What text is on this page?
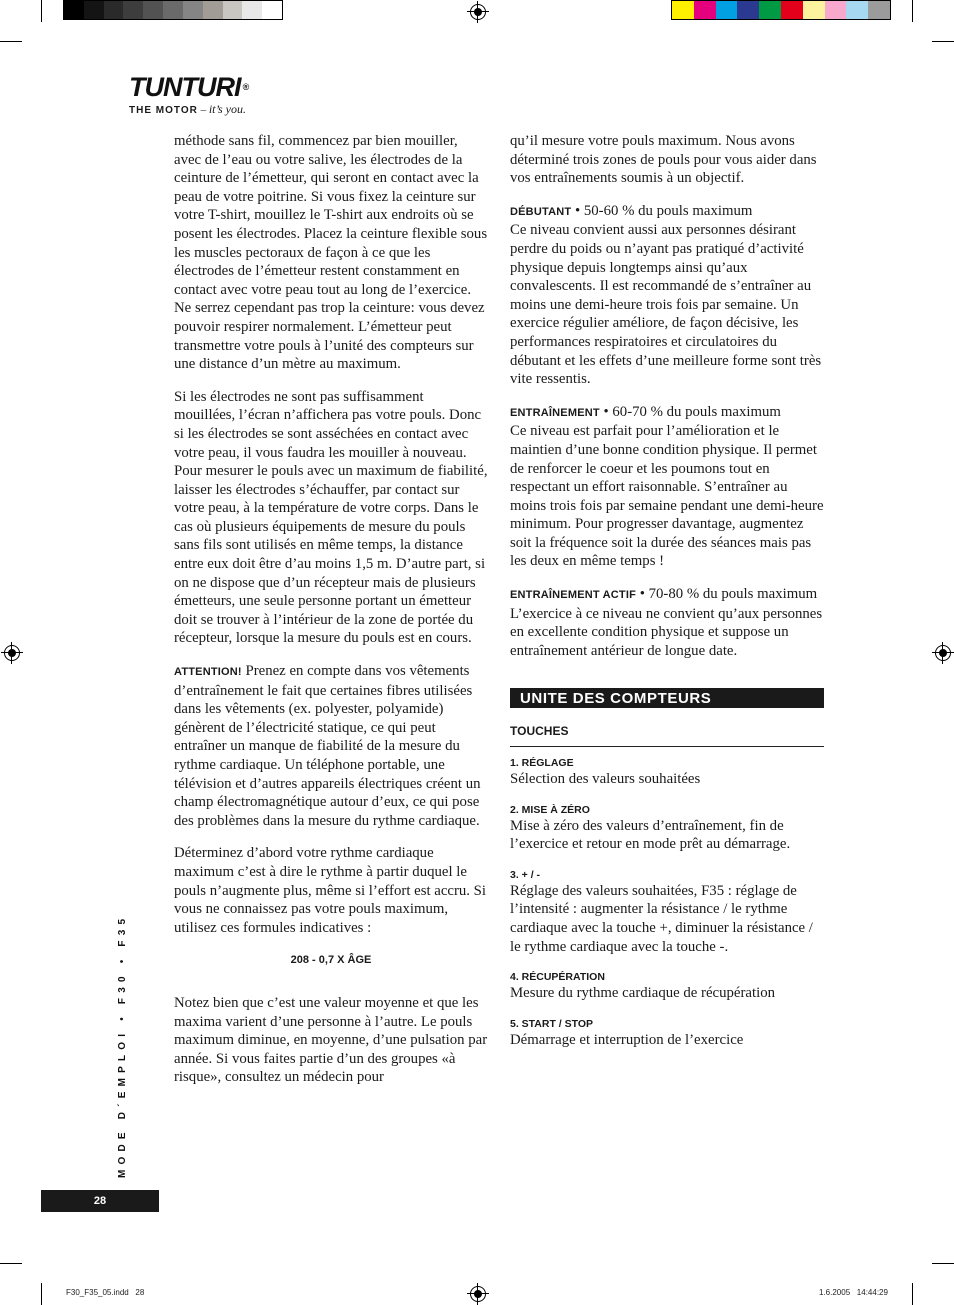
TUNTURI ®
THE MOTOR – it’s you.

méthode sans fil, commencez par bien mouiller, avec de l’eau ou votre salive, les électrodes de la ceinture de l’émetteur, qui seront en contact avec la peau de votre poitrine. Si vous fixez la ceinture sur votre T-shirt, mouillez le T-shirt aux endroits où se posent les électrodes. Placez la ceinture flexible sous les muscles pectoraux de façon à ce que les électrodes de l’émetteur restent constamment en contact avec votre peau tout au long de l’exercice. Ne serrez cependant pas trop la ceinture: vous devez pouvoir respirer normalement. L’émetteur peut transmettre votre pouls à l’unité des compteurs sur une distance d’un mètre au maximum.

Si les électrodes ne sont pas suffisamment mouillées, l’écran n’affichera pas votre pouls. Donc si les électrodes se sont asséchées en contact avec votre peau, il vous faudra les mouiller à nouveau. Pour mesurer le pouls avec un maximum de fiabilité, laisser les électrodes s’échauffer, par contact sur votre peau, à la température de votre corps. Dans le cas où plusieurs équipements de mesure du pouls sans fils sont utilisés en même temps, la distance entre eux doit être d’au moins 1,5 m. D’autre part, si on ne dispose que d’un récepteur mais de plusieurs émetteurs, une seule personne portant un émetteur doit se trouver à l’intérieur de la zone de portée du récepteur, lorsque la mesure du pouls est en cours.

ATTENTION! Prenez en compte dans vos vêtements d’entraînement le fait que certaines fibres utilisées dans les vêtements (ex. polyester, polyamide) génèrent de l’électricité statique, ce qui peut entraîner un manque de fiabilité de la mesure du rythme cardiaque. Un téléphone portable, une télévision et d’autres appareils électriques créent un champ électromagnétique autour d’eux, ce qui pose des problèmes dans la mesure du rythme cardiaque.

Déterminez d’abord votre rythme cardiaque maximum c’est à dire le rythme à partir duquel le pouls n’augmente plus, même si l’effort est accru. Si vous ne connaissez pas votre pouls maximum, utilisez ces formules indicatives :

208 - 0,7 X ÂGE

Notez bien que c’est une valeur moyenne et que les maxima varient d’une personne à l’autre. Le pouls maximum diminue, en moyenne, d’une pulsation par année. Si vous faites partie d’un des groupes «à risque», consultez un médecin pour

qu’il mesure votre pouls maximum. Nous avons déterminé trois zones de pouls pour vous aider dans vos entraînements soumis à un objectif.

DÉBUTANT • 50-60 % du pouls maximum
Ce niveau convient aussi aux personnes désirant perdre du poids ou n’ayant pas pratiqué d’activité physique depuis longtemps ainsi qu’aux convalescents. Il est recommandé de s’entraîner au moins une demi-heure trois fois par semaine. Un exercice régulier améliore, de façon décisive, les performances respiratoires et circulatoires du débutant et les effets d’une meilleure forme sont très vite ressentis.

ENTRAÎNEMENT • 60-70 % du pouls maximum
Ce niveau est parfait pour l’amélioration et le maintien d’une bonne condition physique. Il permet de renforcer le coeur et les poumons tout en respectant un effort raisonnable. S’entraîner au moins trois fois par semaine pendant une demi-heure minimum. Pour progresser davantage, augmentez soit la fréquence soit la durée des séances mais pas les deux en même temps !

ENTRAÎNEMENT ACTIF • 70-80 % du pouls maximum
L’exercice à ce niveau ne convient qu’aux personnes en excellente condition physique et suppose un entraînement antérieur de longue date.

UNITE DES COMPTEURS
TOUCHES
1. RÉGLAGE

Sélection des valeurs souhaitées

2. MISE À ZÉRO

Mise à zéro des valeurs d’entraînement, fin de l’exercice et retour en mode prêt au démarrage.

3. + / -

Réglage des valeurs souhaitées, F35 : réglage de l’intensité : augmenter la résistance / le rythme cardiaque avec la touche +, diminuer la résistance / le rythme cardiaque avec la touche -.

4. RÉCUPÉRATION

Mesure du rythme cardiaque de récupération

5. START / STOP

Démarrage et interruption de l’exercice

MODE D´EMPLOI • F30 • F35
28
F30_F35_05.indd   28	1.6.2005   14:44:29
